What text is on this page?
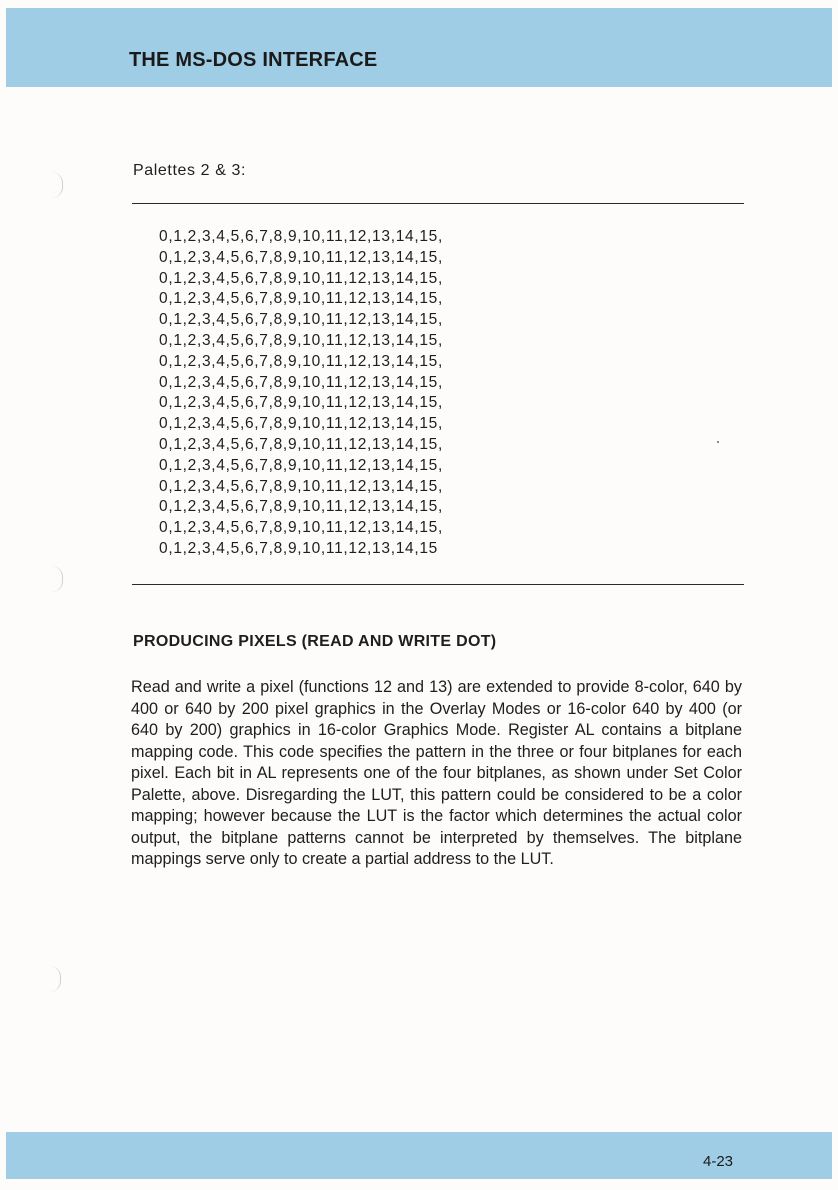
THE MS-DOS INTERFACE
Palettes 2 & 3:
0,1,2,3,4,5,6,7,8,9,10,11,12,13,14,15,
0,1,2,3,4,5,6,7,8,9,10,11,12,13,14,15,
0,1,2,3,4,5,6,7,8,9,10,11,12,13,14,15,
0,1,2,3,4,5,6,7,8,9,10,11,12,13,14,15,
0,1,2,3,4,5,6,7,8,9,10,11,12,13,14,15,
0,1,2,3,4,5,6,7,8,9,10,11,12,13,14,15,
0,1,2,3,4,5,6,7,8,9,10,11,12,13,14,15,
0,1,2,3,4,5,6,7,8,9,10,11,12,13,14,15,
0,1,2,3,4,5,6,7,8,9,10,11,12,13,14,15,
0,1,2,3,4,5,6,7,8,9,10,11,12,13,14,15,
0,1,2,3,4,5,6,7,8,9,10,11,12,13,14,15,
0,1,2,3,4,5,6,7,8,9,10,11,12,13,14,15,
0,1,2,3,4,5,6,7,8,9,10,11,12,13,14,15,
0,1,2,3,4,5,6,7,8,9,10,11,12,13,14,15,
0,1,2,3,4,5,6,7,8,9,10,11,12,13,14,15,
0,1,2,3,4,5,6,7,8,9,10,11,12,13,14,15
PRODUCING PIXELS (READ AND WRITE DOT)

Read and write a pixel (functions 12 and 13) are extended to provide 8-color, 640 by 400 or 640 by 200 pixel graphics in the Overlay Modes or 16-color 640 by 400 (or 640 by 200) graphics in 16-color Graphics Mode. Register AL contains a bitplane mapping code. This code specifies the pattern in the three or four bitplanes for each pixel. Each bit in AL represents one of the four bitplanes, as shown under Set Color Palette, above. Disregarding the LUT, this pattern could be considered to be a color mapping; however because the LUT is the factor which determines the actual color output, the bitplane patterns cannot be interpreted by themselves. The bitplane mappings serve only to create a partial address to the LUT.

4-23
